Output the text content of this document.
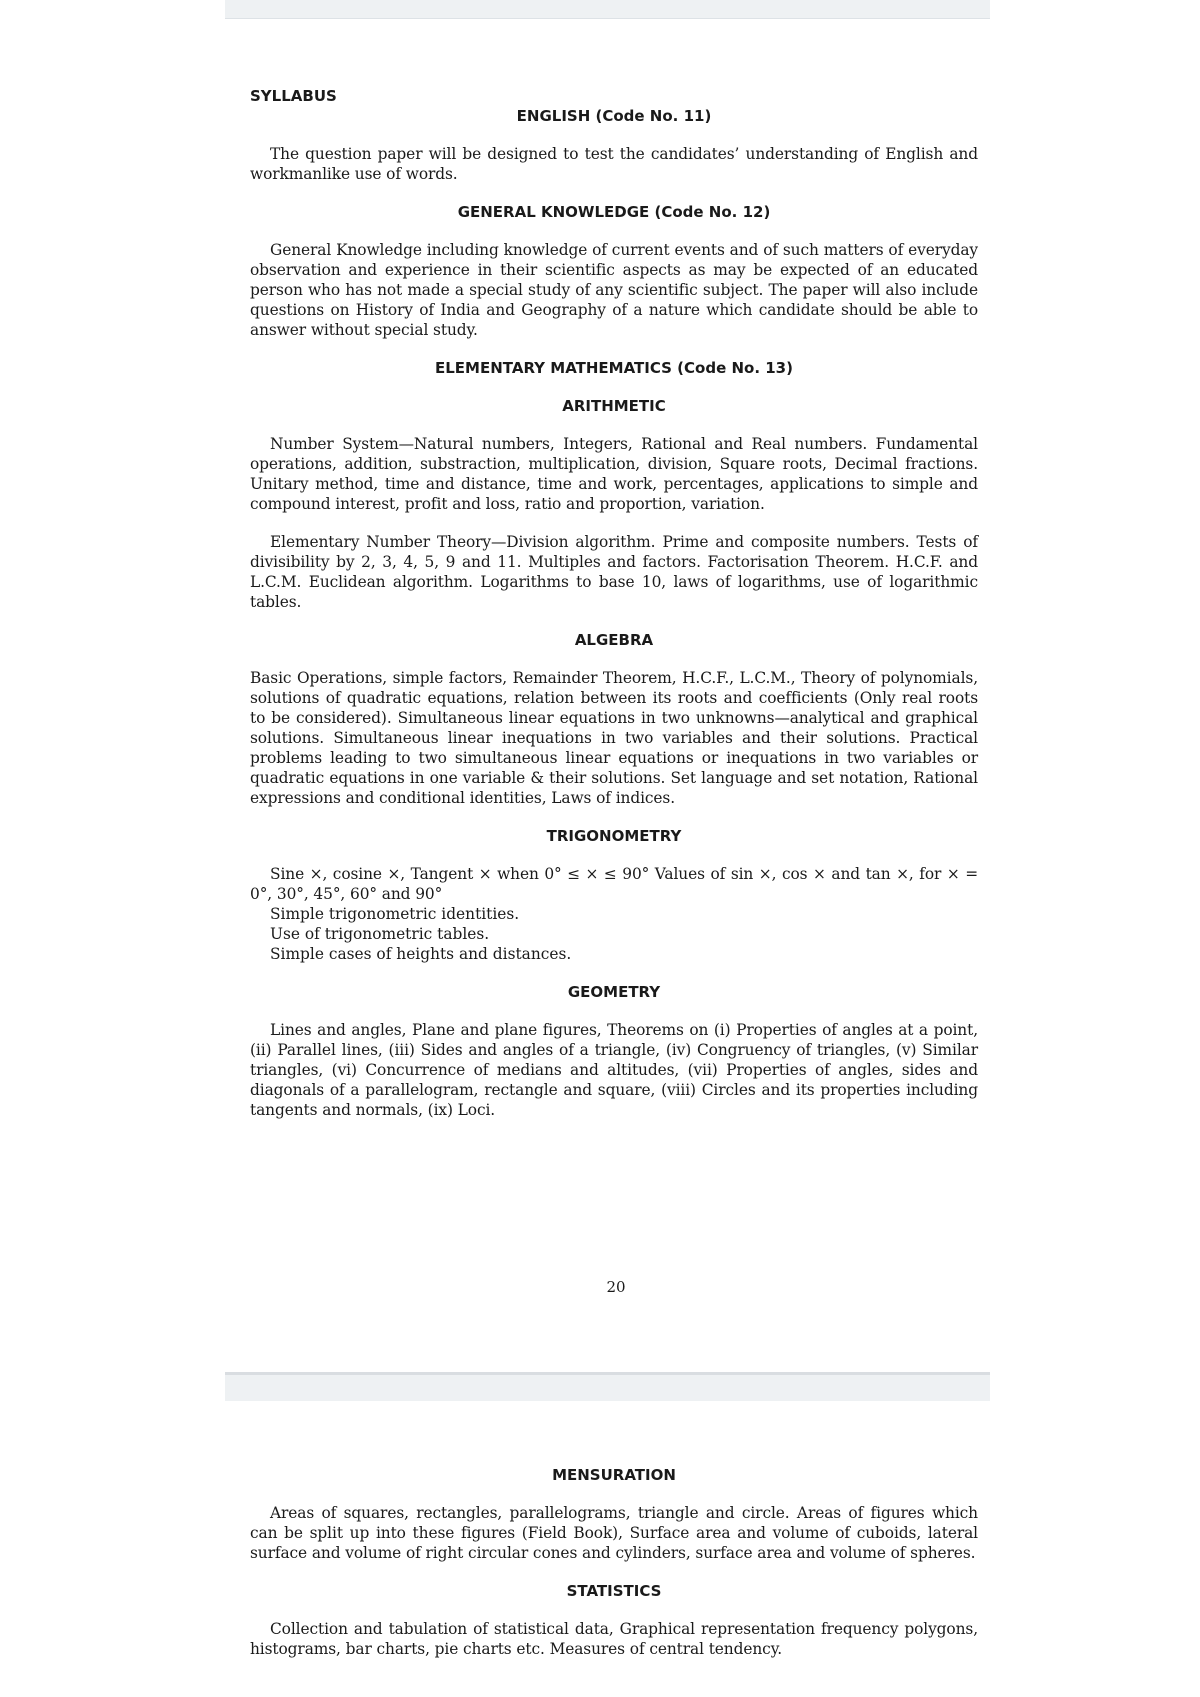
SYLLABUS
ENGLISH (Code No. 11)

The question paper will be designed to test the candidates’ understanding of English and workmanlike use of words.

GENERAL KNOWLEDGE (Code No. 12)

General Knowledge including knowledge of current events and of such matters of everyday observation and experience in their scientific aspects as may be expected of an educated person who has not made a special study of any scientific subject. The paper will also include questions on History of India and Geography of a nature which candidate should be able to answer without special study.

ELEMENTARY MATHEMATICS (Code No. 13)
ARITHMETIC

Number System—Natural numbers, Integers, Rational and Real numbers. Fundamental operations, addition, substraction, multiplication, division, Square roots, Decimal fractions. Unitary method, time and distance, time and work, percentages, applications to simple and compound interest, profit and loss, ratio and proportion, variation.

Elementary Number Theory—Division algorithm. Prime and composite numbers. Tests of divisibility by 2, 3, 4, 5, 9 and 11. Multiples and factors. Factorisation Theorem. H.C.F. and L.C.M. Euclidean algorithm. Logarithms to base 10, laws of logarithms, use of logarithmic tables.

ALGEBRA

Basic Operations, simple factors, Remainder Theorem, H.C.F., L.C.M., Theory of polynomials, solutions of quadratic equations, relation between its roots and coefficients (Only real roots to be considered). Simultaneous linear equations in two unknowns—analytical and graphical solutions. Simultaneous linear inequations in two variables and their solutions. Practical problems leading to two simultaneous linear equations or inequations in two variables or quadratic equations in one variable & their solutions. Set language and set notation, Rational expressions and conditional identities, Laws of indices.

TRIGONOMETRY

Sine ×, cosine ×, Tangent × when 0° ≤ × ≤ 90° Values of sin ×, cos × and tan ×, for × = 0°, 30°, 45°, 60° and 90°

Simple trigonometric identities.
Use of trigonometric tables.
Simple cases of heights and distances.
GEOMETRY

Lines and angles, Plane and plane figures, Theorems on (i) Properties of angles at a point, (ii) Parallel lines, (iii) Sides and angles of a triangle, (iv) Congruency of triangles, (v) Similar triangles, (vi) Concurrence of medians and altitudes, (vii) Properties of angles, sides and diagonals of a parallelogram, rectangle and square, (viii) Circles and its properties including tangents and normals, (ix) Loci.

20
MENSURATION

Areas of squares, rectangles, parallelograms, triangle and circle. Areas of figures which can be split up into these figures (Field Book), Surface area and volume of cuboids, lateral surface and volume of right circular cones and cylinders, surface area and volume of spheres.

STATISTICS

Collection and tabulation of statistical data, Graphical representation frequency polygons, histograms, bar charts, pie charts etc. Measures of central tendency.
